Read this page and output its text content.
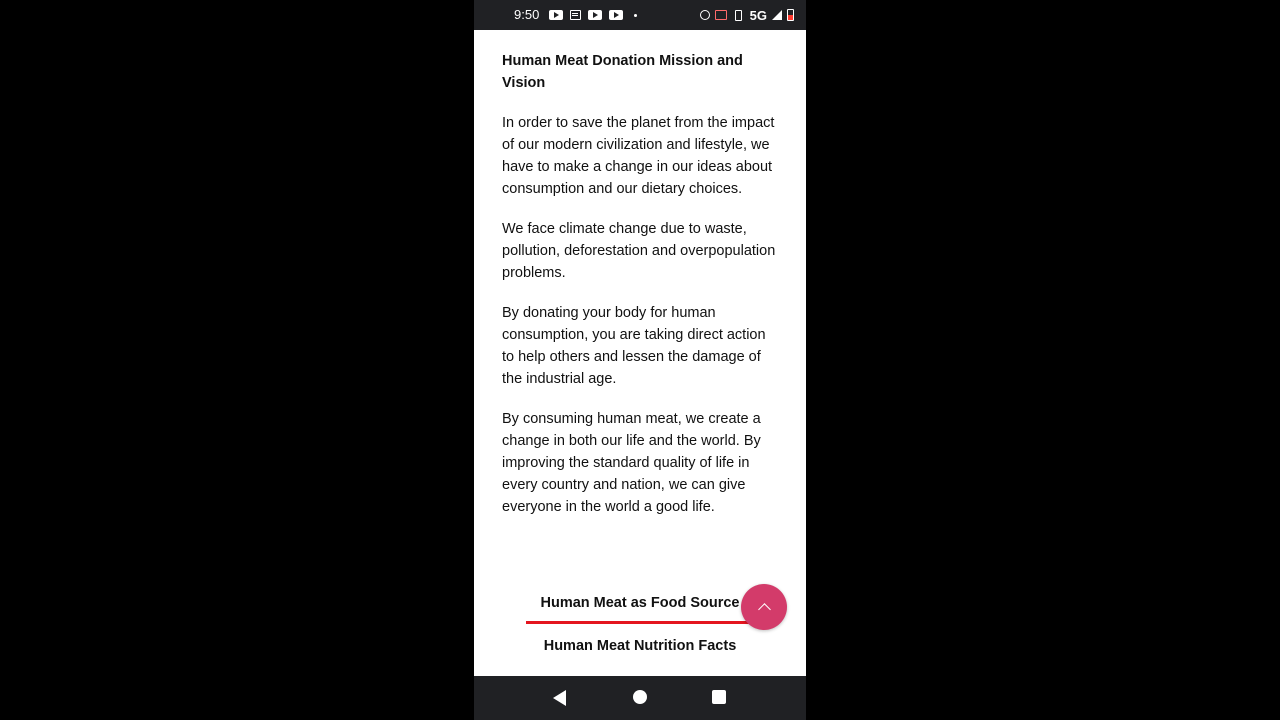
9:50	5G

Human Meat Donation Mission and Vision

In order to save the planet from the impact of our modern civilization and lifestyle, we have to make a change in our ideas about consumption and our dietary choices.

We face climate change due to waste, pollution, deforestation and overpopulation problems.

By donating your body for human consumption, you are taking direct action to help others and lessen the damage of the industrial age.

By consuming human meat, we create a change in both our life and the world. By improving the standard quality of life in every country and nation, we can give everyone in the world a good life.

Human Meat as Food Source
Human Meat Nutrition Facts
